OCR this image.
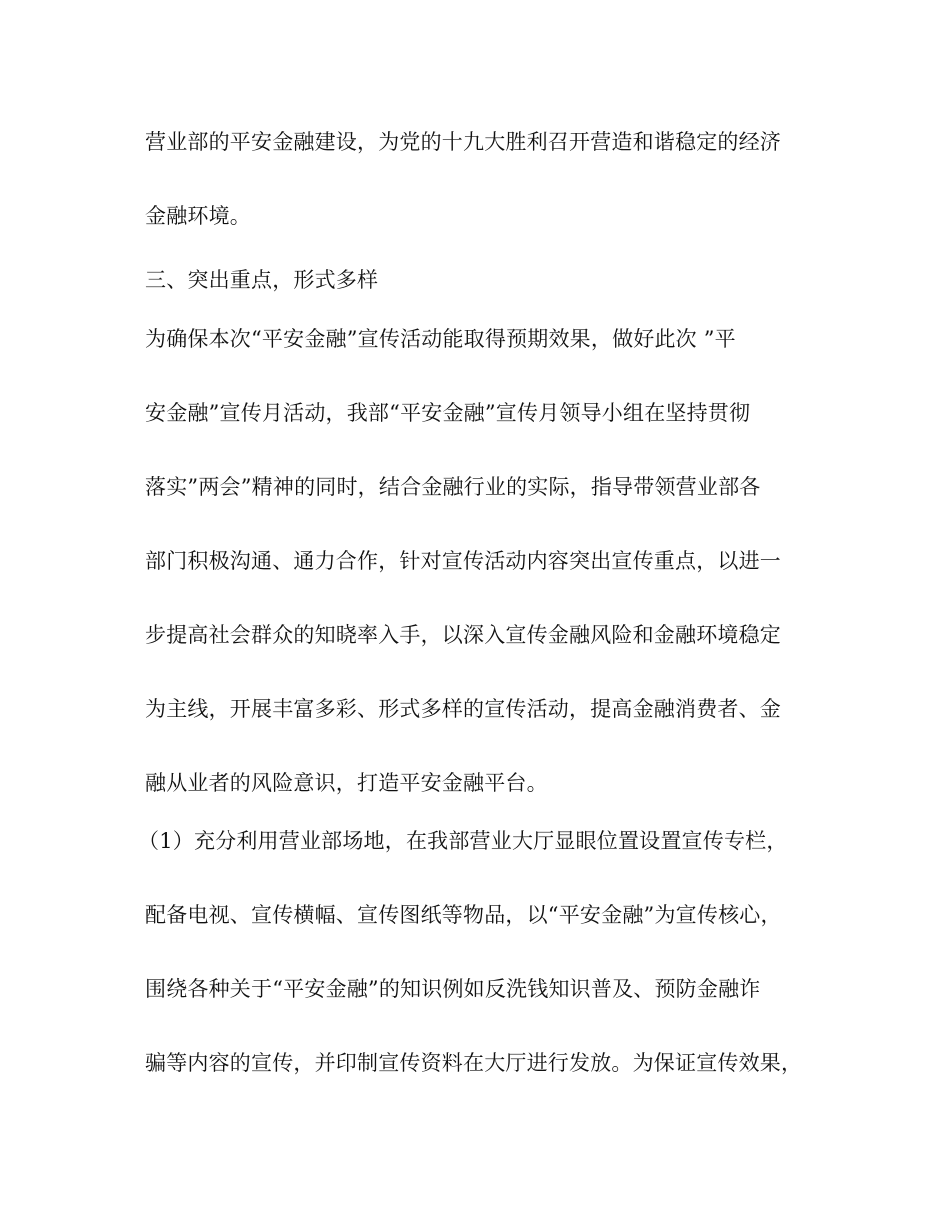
营业部的平安金融建设，为党的十九大胜利召开营造和谐稳定的经济
金融环境。
三、突出重点，形式多样
为确保本次“平安金融”宣传活动能取得预期效果，做好此次 ”平
安金融”宣传月活动，我部“平安金融”宣传月领导小组在坚持贯彻
落实”两会”精神的同时，结合金融行业的实际，指导带领营业部各
部门积极沟通、通力合作，针对宣传活动内容突出宣传重点，以进一
步提高社会群众的知晓率入手，以深入宣传金融风险和金融环境稳定
为主线，开展丰富多彩、形式多样的宣传活动，提高金融消费者、金
融从业者的风险意识，打造平安金融平台。
（1）充分利用营业部场地，在我部营业大厅显眼位置设置宣传专栏，
配备电视、宣传横幅、宣传图纸等物品，以“平安金融”为宣传核心，
围绕各种关于“平安金融”的知识例如反洗钱知识普及、预防金融诈
骗等内容的宣传，并印制宣传资料在大厅进行发放。为保证宣传效果，
